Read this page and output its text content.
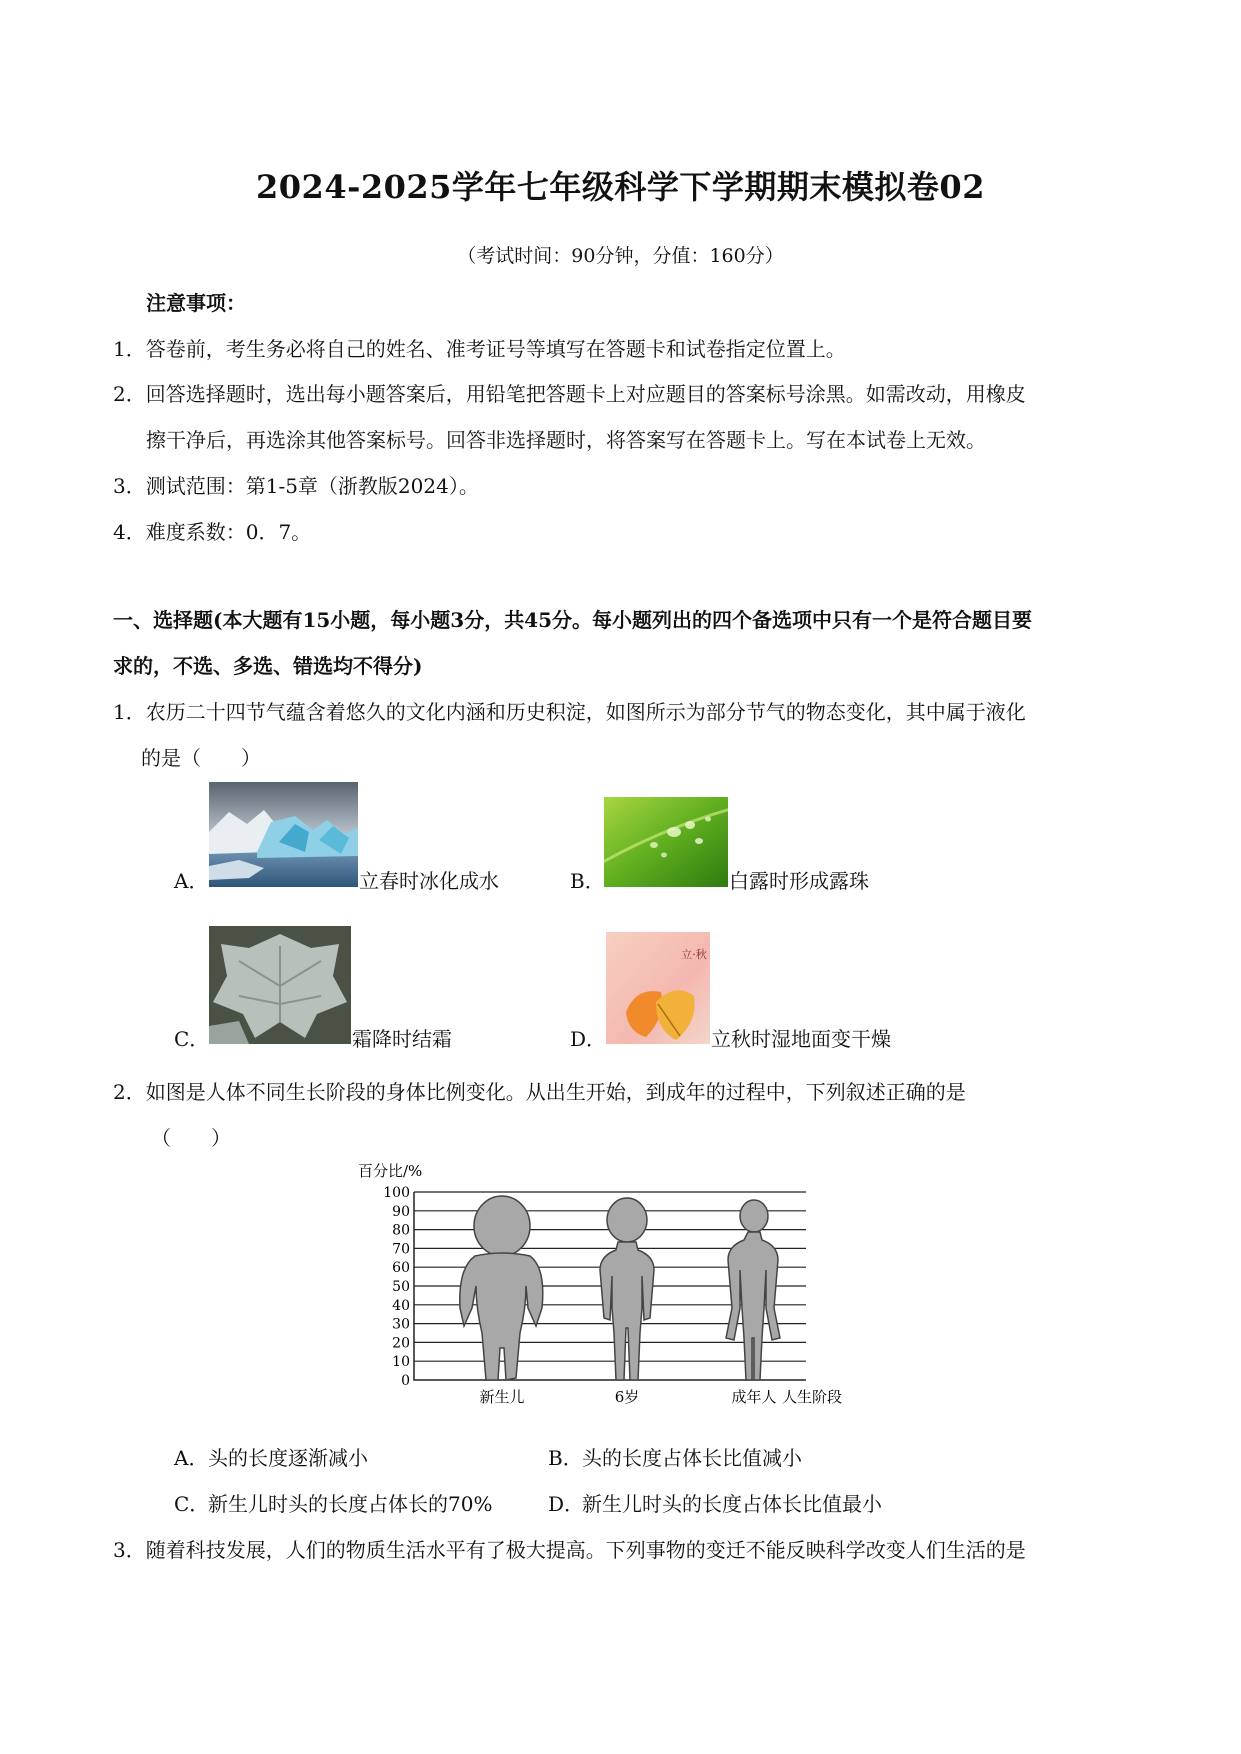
2024-2025学年七年级科学下学期期末模拟卷02
（考试时间：90分钟，分值：160分）
注意事项：
1．答卷前，考生务必将自己的姓名、准考证号等填写在答题卡和试卷指定位置上。
2．回答选择题时，选出每小题答案后，用铅笔把答题卡上对应题目的答案标号涂黑。如需改动，用橡皮
擦干净后，再选涂其他答案标号。回答非选择题时，将答案写在答题卡上。写在本试卷上无效。
3．测试范围：第1-5章（浙教版2024）。
4．难度系数：0．7。
一、选择题(本大题有15小题，每小题3分，共45分。每小题列出的四个备选项中只有一个是符合题目要
求的，不选、多选、错选均不得分)
1．农历二十四节气蕴含着悠久的文化内涵和历史积淀，如图所示为部分节气的物态变化，其中属于液化
的是（　　）
A．	立春时冰化成水	B．	白露时形成露珠
C．	霜降时结霜
立·秋
D．	立秋时湿地面变干燥
2．如图是人体不同生长阶段的身体比例变化。从出生开始，到成年的过程中，下列叙述正确的是
（　　）
百分比/%
100
90
80
70
60
50
40
30
20
10
0
新生儿	6岁	成年人 人生阶段
A． 头的长度逐渐减小	B． 头的长度占体长比值减小
C．
新生儿时头的长度占体长的70%	D．
新生儿时头的长度占体长比值最小
3．随着科技发展，人们的物质生活水平有了极大提高。下列事物的变迁不能反映科学改变人们生活的是
